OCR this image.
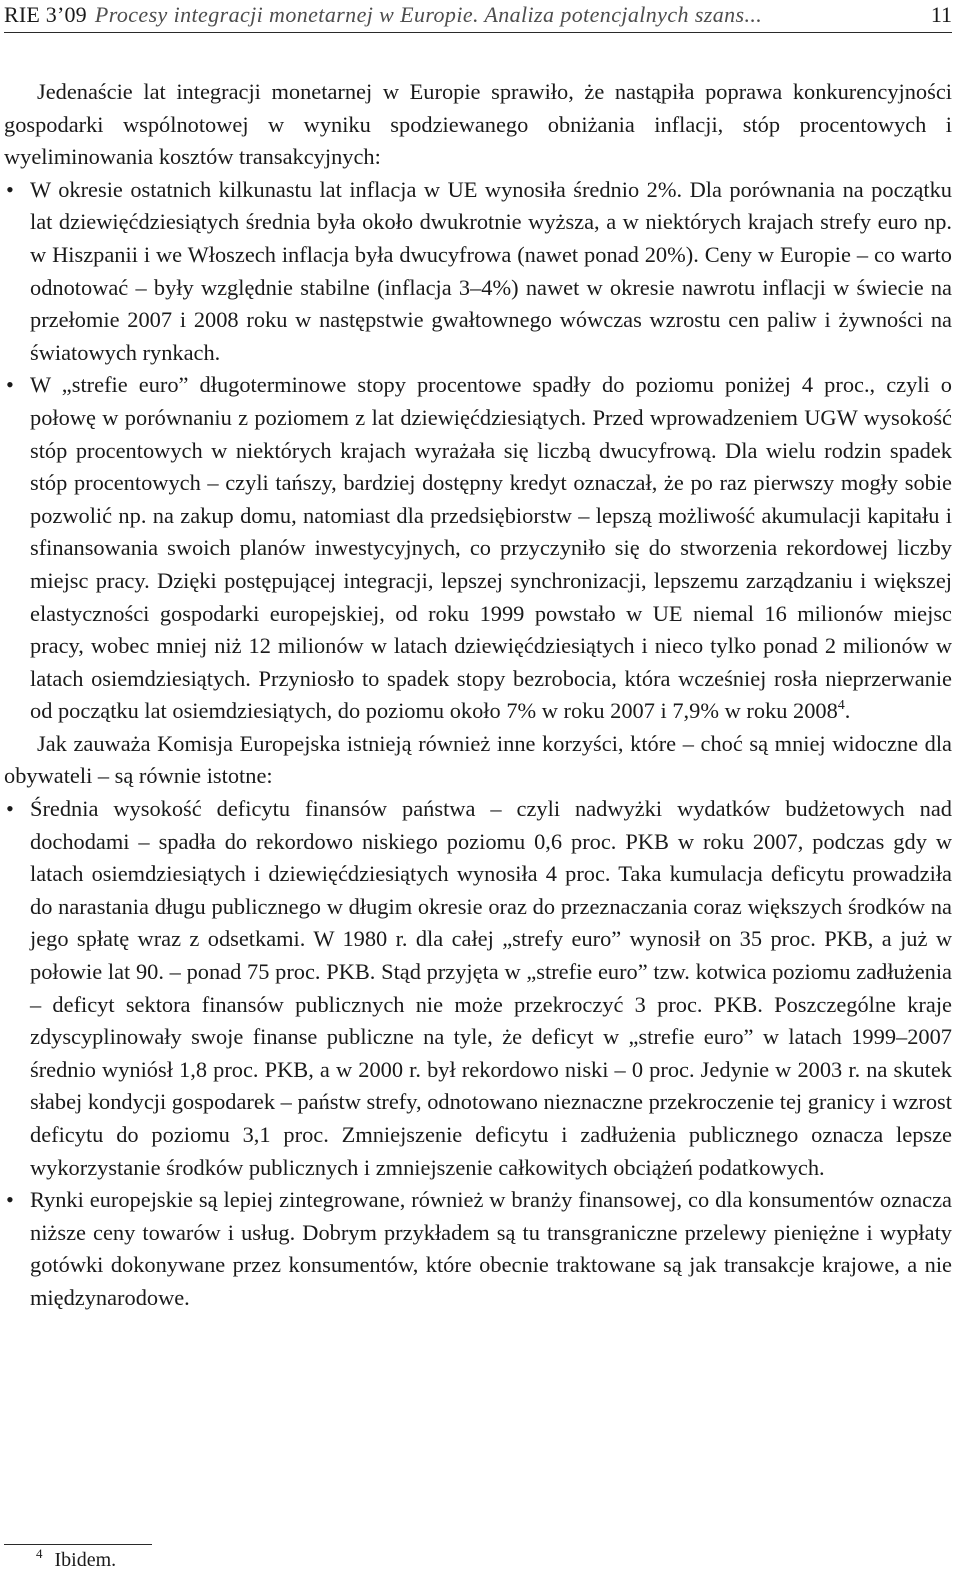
RIE 3’09 Procesy integracji monetarnej w Europie. Analiza potencjalnych szans...	11

Jedenaście lat integracji monetarnej w Europie sprawiło, że nastąpiła poprawa konkurencyjności gospodarki wspólnotowej w wyniku spodziewanego obniżania inflacji, stóp procentowych i wyeliminowania kosztów transakcyjnych:

• W okresie ostatnich kilkunastu lat inflacja w UE wynosiła średnio 2%. Dla porównania na początku lat dziewięćdziesiątych średnia była około dwukrotnie wyższa, a w niektórych krajach strefy euro np. w Hiszpanii i we Włoszech inflacja była dwucyfrowa (nawet ponad 20%). Ceny w Europie – co warto odnotować – były względnie stabilne (inflacja 3–4%) nawet w okresie nawrotu inflacji w świecie na przełomie 2007 i 2008 roku w następstwie gwałtownego wówczas wzrostu cen paliw i żywności na światowych rynkach.
• W „strefie euro” długoterminowe stopy procentowe spadły do poziomu poniżej 4 proc., czyli o połowę w porównaniu z poziomem z lat dziewięćdziesiątych. Przed wprowadzeniem UGW wysokość stóp procentowych w niektórych krajach wyrażała się liczbą dwucyfrową. Dla wielu rodzin spadek stóp procentowych – czyli tańszy, bardziej dostępny kredyt oznaczał, że po raz pierwszy mogły sobie pozwolić np. na zakup domu, natomiast dla przedsiębiorstw – lepszą możliwość akumulacji kapitału i sfinansowania swoich planów inwestycyjnych, co przyczyniło się do stworzenia rekordowej liczby miejsc pracy. Dzięki postępującej integracji, lepszej synchronizacji, lepszemu zarządzaniu i większej elastyczności gospodarki europejskiej, od roku 1999 powstało w UE niemal 16 milionów miejsc pracy, wobec mniej niż 12 milionów w latach dziewięćdziesiątych i nieco tylko ponad 2 milionów w latach osiemdziesiątych. Przyniosło to spadek stopy bezrobocia, która wcześniej rosła nieprzerwanie od początku lat osiemdziesiątych, do poziomu około 7% w roku 2007 i 7,9% w roku 2008$^4$.

Jak zauważa Komisja Europejska istnieją również inne korzyści, które – choć są mniej widoczne dla obywateli – są równie istotne:

• Średnia wysokość deficytu finansów państwa – czyli nadwyżki wydatków budżetowych nad dochodami – spadła do rekordowo niskiego poziomu 0,6 proc. PKB w roku 2007, podczas gdy w latach osiemdziesiątych i dziewięćdziesiątych wynosiła 4 proc. Taka kumulacja deficytu prowadziła do narastania długu publicznego w długim okresie oraz do przeznaczania coraz większych środków na jego spłatę wraz z odsetkami. W 1980 r. dla całej „strefy euro” wynosił on 35 proc. PKB, a już w połowie lat 90. – ponad 75 proc. PKB. Stąd przyjęta w „strefie euro” tzw. kotwica poziomu zadłużenia – deficyt sektora finansów publicznych nie może przekroczyć 3 proc. PKB. Poszczególne kraje zdyscyplinowały swoje finanse publiczne na tyle, że deficyt w „strefie euro” w latach 1999–2007 średnio wyniósł 1,8 proc. PKB, a w 2000 r. był rekordowo niski – 0 proc. Jedynie w 2003 r. na skutek słabej kondycji gospodarek – państw strefy, odnotowano nieznaczne przekroczenie tej granicy i wzrost deficytu do poziomu 3,1 proc. Zmniejszenie deficytu i zadłużenia publicznego oznacza lepsze wykorzystanie środków publicznych i zmniejszenie całkowitych obciążeń podatkowych.
• Rynki europejskie są lepiej zintegrowane, również w branży finansowej, co dla konsumentów oznacza niższe ceny towarów i usług. Dobrym przykładem są tu transgraniczne przelewy pieniężne i wypłaty gotówki dokonywane przez konsumentów, które obecnie traktowane są jak transakcje krajowe, a nie międzynarodowe.
$^4$ Ibidem.
